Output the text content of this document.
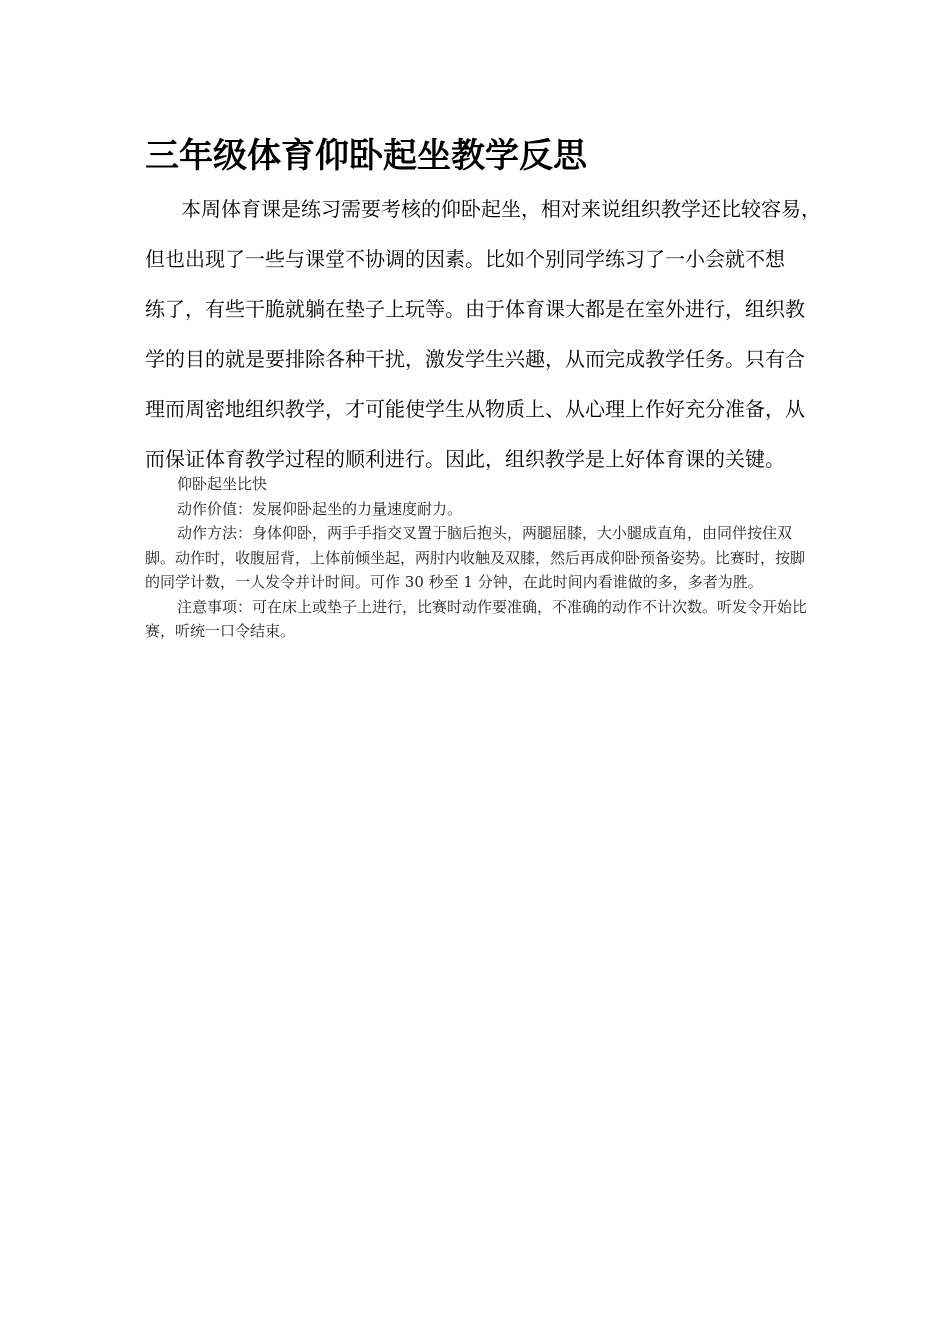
三年级体育仰卧起坐教学反思
本周体育课是练习需要考核的仰卧起坐，相对来说组织教学还比较容易，
但也出现了一些与课堂不协调的因素。比如个别同学练习了一小会就不想
练了，有些干脆就躺在垫子上玩等。由于体育课大都是在室外进行，组织教
学的目的就是要排除各种干扰，激发学生兴趣，从而完成教学任务。只有合
理而周密地组织教学，才可能使学生从物质上、从心理上作好充分准备，从
而保证体育教学过程的顺利进行。因此，组织教学是上好体育课的关键。

仰卧起坐比快

动作价值：发展仰卧起坐的力量速度耐力。

动作方法：身体仰卧，两手手指交叉置于脑后抱头，两腿屈膝，大小腿成直角，由同伴按住双脚。动作时，收腹屈背，上体前倾坐起，两肘内收触及双膝，然后再成仰卧预备姿势。比赛时，按脚的同学计数，一人发令并计时间。可作 30 秒至 1 分钟，在此时间内看谁做的多，多者为胜。

注意事项：可在床上或垫子上进行，比赛时动作要准确，不准确的动作不计次数。听发令开始比赛，听统一口令结束。
